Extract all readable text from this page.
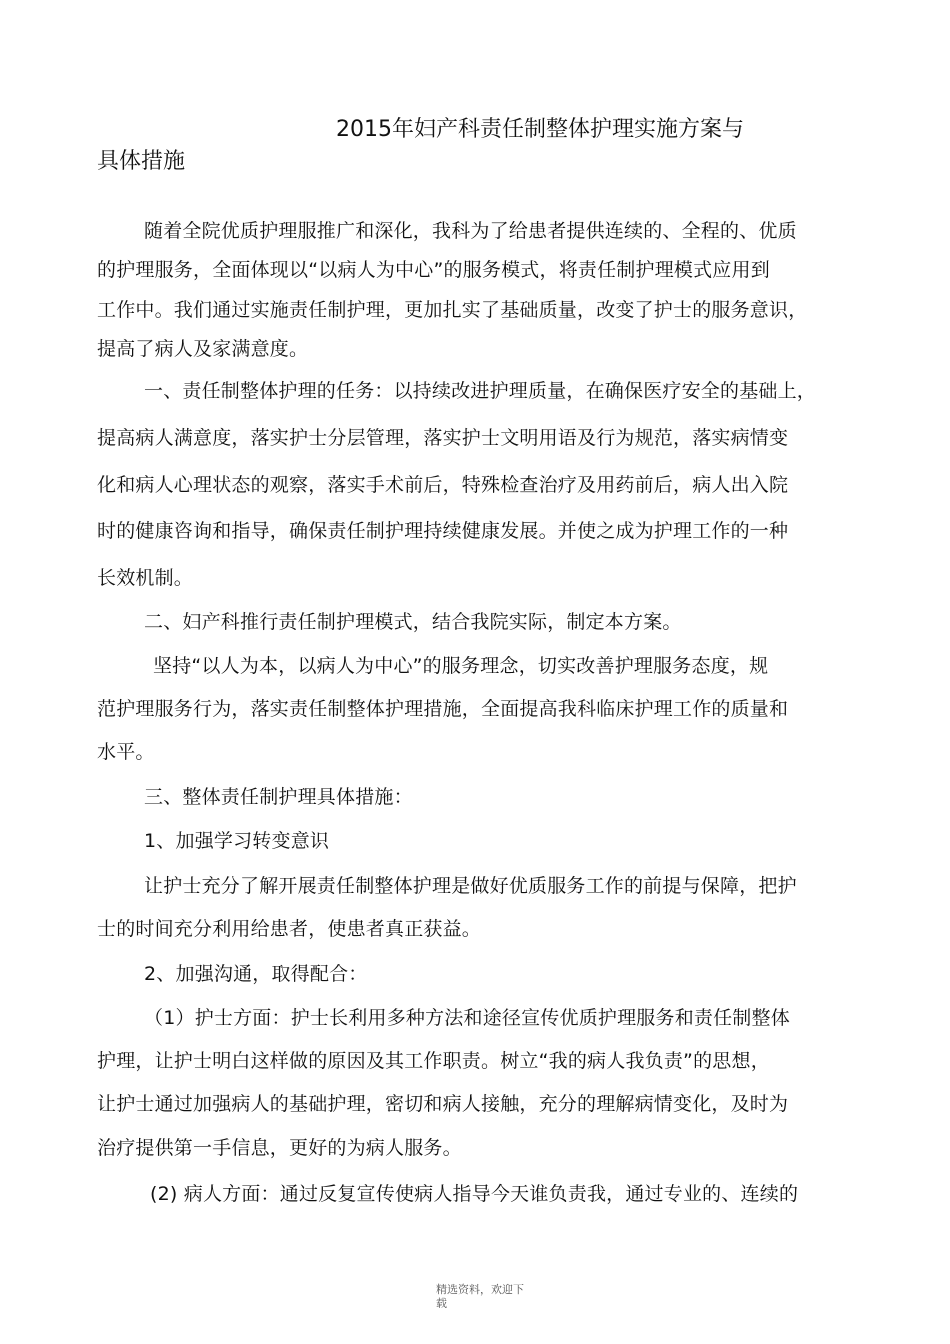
2015年妇产科责任制整体护理实施方案与
具体措施
随着全院优质护理服推广和深化，我科为了给患者提供连续的、全程的、优质
的护理服务，全面体现以“以病人为中心”的服务模式，将责任制护理模式应用到
工作中。我们通过实施责任制护理，更加扎实了基础质量，改变了护士的服务意识，
提高了病人及家满意度。
一、责任制整体护理的任务：以持续改进护理质量，在确保医疗安全的基础上，
提高病人满意度，落实护士分层管理，落实护士文明用语及行为规范，落实病情变
化和病人心理状态的观察，落实手术前后，特殊检查治疗及用药前后，病人出入院
时的健康咨询和指导，确保责任制护理持续健康发展。并使之成为护理工作的一种
长效机制。
二、妇产科推行责任制护理模式，结合我院实际，制定本方案。
坚持“以人为本，以病人为中心”的服务理念，切实改善护理服务态度，规
范护理服务行为，落实责任制整体护理措施，全面提高我科临床护理工作的质量和
水平。
三、整体责任制护理具体措施：
1、加强学习转变意识
让护士充分了解开展责任制整体护理是做好优质服务工作的前提与保障，把护
士的时间充分利用给患者，使患者真正获益。
2、加强沟通，取得配合：
（1）护士方面：护士长利用多种方法和途径宣传优质护理服务和责任制整体
护理，让护士明白这样做的原因及其工作职责。树立“我的病人我负责”的思想，
让护士通过加强病人的基础护理，密切和病人接触，充分的理解病情变化，及时为
治疗提供第一手信息，更好的为病人服务。
(2) 病人方面：通过反复宣传使病人指导今天谁负责我，通过专业的、连续的
精选资料，欢迎下
载
